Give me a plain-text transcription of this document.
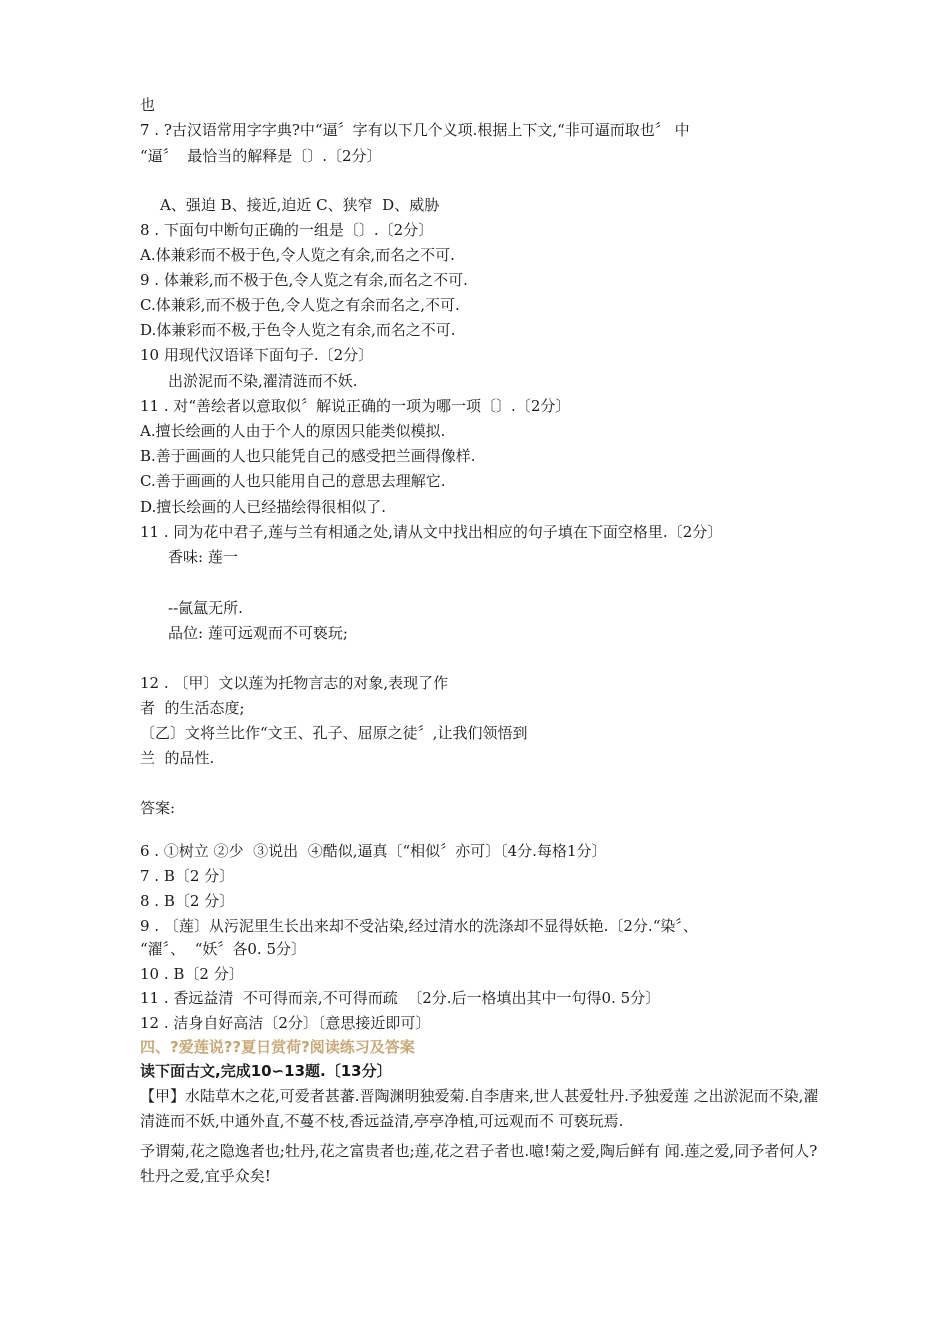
也
7 . ?古汉语常用字字典?中“逼〞字有以下几个义项.根据上下文,“非可逼而取也〞 中
“逼〞  最恰当的解释是〔〕.〔2分〕
A、强迫 B、接近,迫近 C、狭窄  D、威胁
8 . 下面句中断句正确的一组是〔〕.〔2分〕
A.体兼彩而不极于色,令人览之有余,而名之不可.
9 . 体兼彩,而不极于色,令人览之有余,而名之不可.
C.体兼彩,而不极于色,令人览之有余而名之,不可.
D.体兼彩而不极,于色令人览之有余,而名之不可.
10 用现代汉语译下面句子.〔2分〕
出淤泥而不染,濯清涟而不妖.
11 . 对“善绘者以意取似〞解说正确的一项为哪一项〔〕.〔2分〕
A.擅长绘画的人由于个人的原因只能类似模拟.
B.善于画画的人也只能凭自己的感受把兰画得像样.
C.善于画画的人也只能用自己的意思去理解它.
D.擅长绘画的人已经描绘得很相似了.
11 . 同为花中君子,莲与兰有相通之处,请从文中找出相应的句子填在下面空格里.〔2分〕
香味: 莲一
--氤氲无所.
品位: 莲可远观而不可亵玩;
12 . 〔甲〕文以莲为托物言志的对象,表现了作
者  的生活态度;
〔乙〕文将兰比作“文王、孔子、屈原之徒〞,让我们领悟到
兰  的品性.
答案:
6 . ①树立 ②少  ③说出  ④酷似,逼真〔“相似〞亦可〕〔4分.每格1分〕
7 . B〔2 分〕
8 . B〔2 分〕
9 . 〔莲〕从污泥里生长出来却不受沾染,经过清水的洗涤却不显得妖艳.〔2分.“染〞、
“濯〞、  “妖〞各0. 5分〕
10 . B〔2 分〕
11 . 香远益清  不可得而亲,不可得而疏  〔2分.后一格填出其中一句得0. 5分〕
12 . 洁身自好高洁〔2分〕〔意思接近即可〕
四、?爱莲说??夏日赏荷?阅读练习及答案
读下面古文,完成10∽13题.〔13分〕
【甲】水陆草木之花,可爱者甚蕃.晋陶渊明独爱菊.自李唐来,世人甚爱牡丹.予独爱莲 之出淤泥而不染,濯清涟而不妖,中通外直,不蔓不枝,香远益清,亭亭净植,可远观而不 可亵玩焉.
予谓菊,花之隐逸者也;牡丹,花之富贵者也;莲,花之君子者也.噫!菊之爱,陶后鲜有 闻.莲之爱,同予者何人?牡丹之爱,宜乎众矣!
